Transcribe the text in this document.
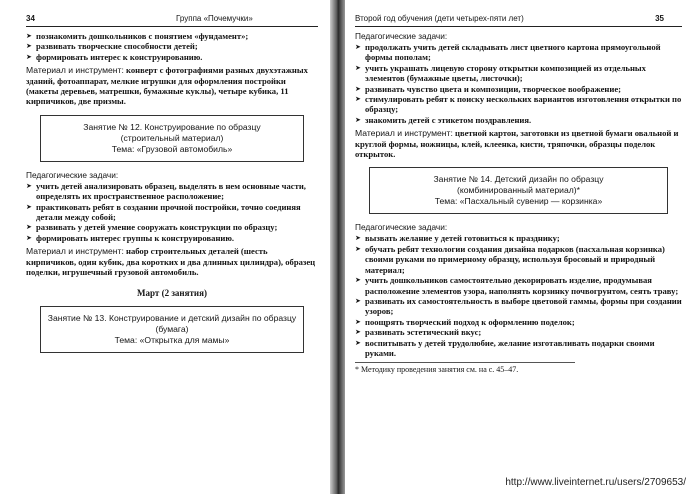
34	Группа «Почемучки»
➤ познакомить дошкольников с понятием «фундамент»;
➤ развивать творческие способности детей;
➤ формировать интерес к конструированию.

Материал и инструмент: конверт с фотографиями разных двухэтажных зданий, фотоаппарат, мелкие игрушки для оформления постройки (макеты деревьев, матрешки, бумажные куклы), четыре кубика, 11 кирпичиков, две призмы.

Занятие № 12. Конструирование по образцу
(строительный материал)
Тема: «Грузовой автомобиль»
Педагогические задачи:
➤ учить детей анализировать образец, выделять в нем основные части, определять их пространственное расположение;
➤ практиковать ребят в создании прочной постройки, точно соединяя детали между собой;
➤ развивать у детей умение сооружать конструкции по образцу;
➤ формировать интерес группы к конструированию.

Материал и инструмент: набор строительных деталей (шесть кирпичиков, один кубик, два коротких и два длинных цилиндра), образец поделки, игрушечный грузовой автомобиль.

Март (2 занятия)
Занятие № 13. Конструирование и детский дизайн по образцу
(бумага)
Тема: «Открытка для мамы»
Второй год обучения (дети четырех-пяти лет)	35
Педагогические задачи:
➤ продолжать учить детей складывать лист цветного картона прямоугольной формы пополам;
➤ учить украшать лицевую сторону открытки композицией из отдельных элементов (бумажные цветы, листочки);
➤ развивать чувство цвета и композиции, творческое воображение;
➤ стимулировать ребят к поиску нескольких вариантов изготовления открытки по образцу;
➤ знакомить детей с этикетом поздравления.

Материал и инструмент: цветной картон, заготовки из цветной бумаги овальной и круглой формы, ножницы, клей, клеенка, кисти, тряпочки, образцы поделок открыток.

Занятие № 14. Детский дизайн по образцу
(комбинированный материал)*
Тема: «Пасхальный сувенир — корзинка»
Педагогические задачи:
➤ вызвать желание у детей готовиться к празднику;
➤ обучать ребят технологии создания дизайна подарков (пасхальная корзинка) своими руками по примерному образцу, используя бросовый и природный материал;
➤ учить дошкольников самостоятельно декорировать изделие, продумывая расположение элементов узора, наполнять корзинку почвогрунтом, сеять траву;
➤ развивать их самостоятельность в выборе цветовой гаммы, формы при создании узоров;
➤ поощрять творческий подход к оформлению поделок;
➤ развивать эстетический вкус;
➤ воспитывать у детей трудолюбие, желание изготавливать подарки своими руками.
* Методику проведения занятия см. на с. 45–47.
http://www.liveinternet.ru/users/2709653/
